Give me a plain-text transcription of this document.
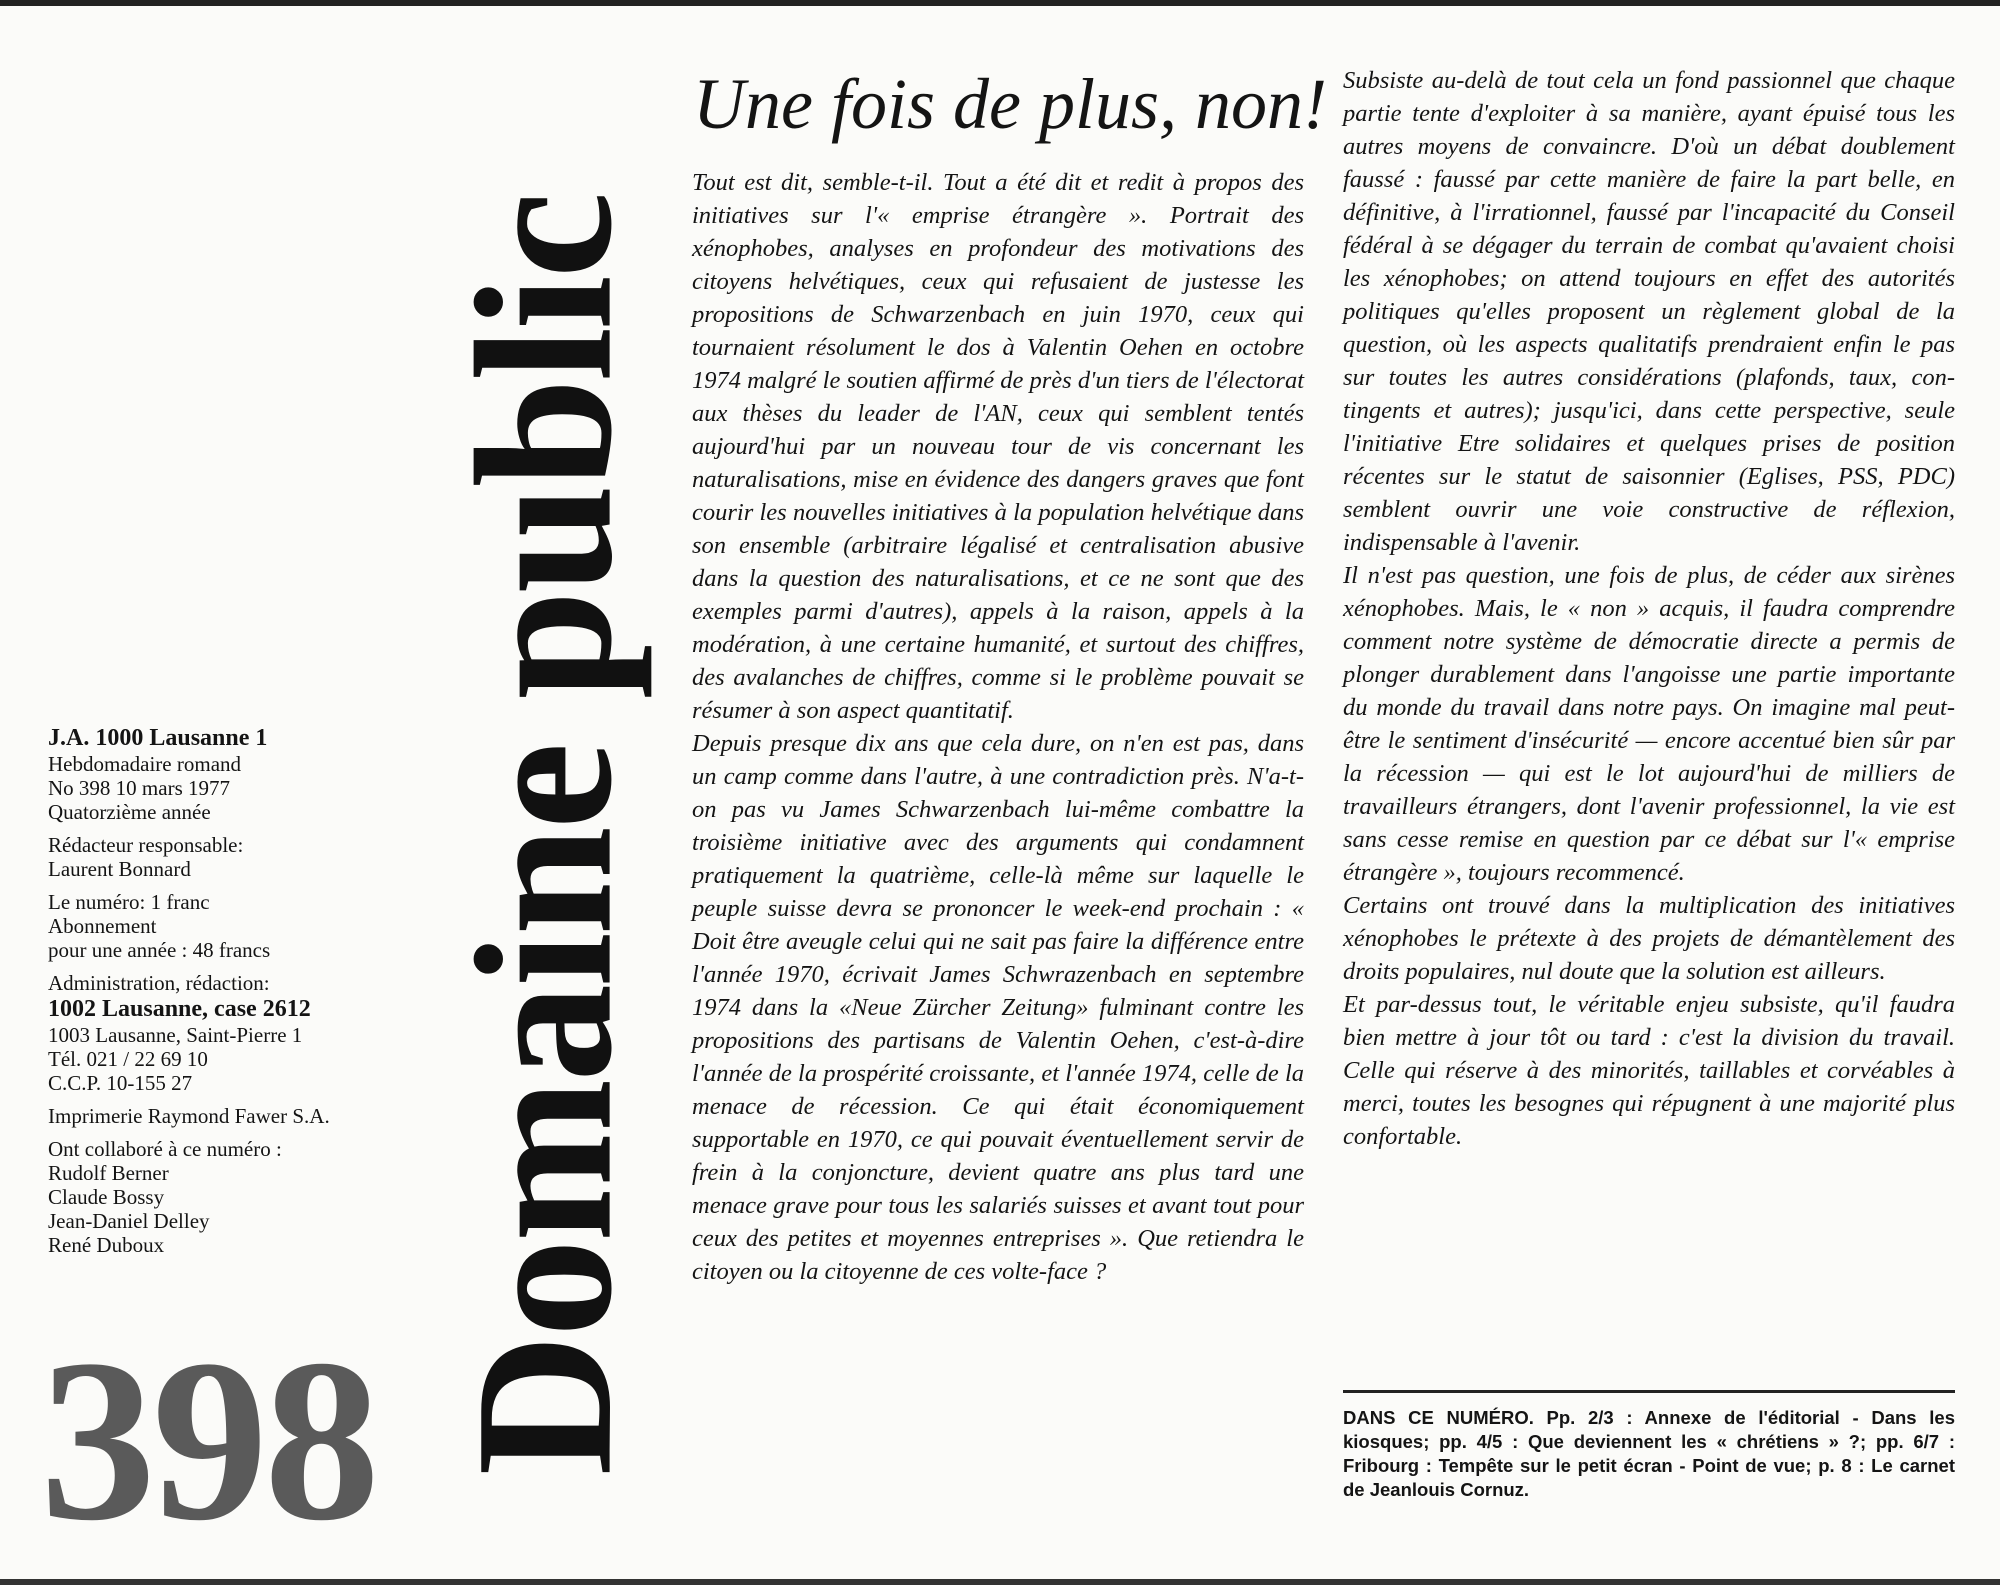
J.A. 1000 Lausanne 1
Hebdomadaire romand
No 398 10 mars 1977
Quatorzième année
Rédacteur responsable:
Laurent Bonnard
Le numéro: 1 franc
Abonnement
pour une année : 48 francs
Administration, rédaction:
1002 Lausanne, case 2612
1003 Lausanne, Saint-Pierre 1
Tél. 021 / 22 69 10
C.C.P. 10-155 27
Imprimerie Raymond Fawer S.A.
Ont collaboré à ce numéro :
Rudolf Berner
Claude Bossy
Jean-Daniel Delley
René Duboux
398 Domaine public
Une fois de plus, non!

Tout est dit, semble-t-il. Tout a été dit et redit à propos des initiatives sur l'« emprise étrangère ». Portrait des xénophobes, analyses en profondeur des motivations des citoyens helvétiques, ceux qui refusaient de justesse les propositions de Schwarzenbach en juin 1970, ceux qui tournaient résolument le dos à Valentin Oehen en octobre 1974 malgré le soutien affirmé de près d'un tiers de l'électorat aux thèses du leader de l'AN, ceux qui semblent tentés aujourd'hui par un nouveau tour de vis concernant les naturalisations, mise en évidence des dangers graves que font courir les nouvelles initiatives à la population helvétique dans son ensemble (arbitraire légalisé et centralisation abusive dans la question des naturalisations, et ce ne sont que des exemples parmi d'autres), appels à la raison, appels à la modération, à une certaine humanité, et surtout des chiffres, des avalanches de chiffres, comme si le problème pouvait se résumer à son aspect quantitatif.

Depuis presque dix ans que cela dure, on n'en est pas, dans un camp comme dans l'autre, à une contradiction près. N'a-t-on pas vu James Schwarzenbach lui-même combattre la troisième initiative avec des arguments qui condamnent pratiquement la quatrième, celle-là même sur laquelle le peuple suisse devra se prononcer le week-end prochain : « Doit être aveugle celui qui ne sait pas faire la différence entre l'année 1970, écrivait James Schwrazenbach en septembre 1974 dans la «Neue Zürcher Zeitung» fulminant contre les propositions des partisans de Valentin Oehen, c'est-à-dire l'année de la prospérité croissante, et l'année 1974, celle de la menace de récession. Ce qui était économiquement supportable en 1970, ce qui pouvait éventuellement servir de frein à la conjoncture, devient quatre ans plus tard une menace grave pour tous les salariés suisses et avant tout pour ceux des petites et moyennes entreprises ». Que retiendra le citoyen ou la citoyenne de ces volte-face ?

Subsiste au-delà de tout cela un fond passionnel que chaque partie tente d'exploiter à sa manière, ayant épuisé tous les autres moyens de convaincre. D'où un débat doublement faussé : faussé par cette manière de faire la part belle, en définitive, à l'irrationnel, faussé par l'incapacité du Conseil fédéral à se dégager du terrain de combat qu'avaient choisi les xénophobes; on attend toujours en effet des autorités politiques qu'elles proposent un règlement global de la question, où les aspects qualitatifs prendraient enfin le pas sur toutes les autres considérations (plafonds, taux, contingents et autres); jusqu'ici, dans cette perspective, seule l'initiative Etre solidaires et quelques prises de position récentes sur le statut de saisonnier (Eglises, PSS, PDC) semblent ouvrir une voie constructive de réflexion, indispensable à l'avenir.

Il n'est pas question, une fois de plus, de céder aux sirènes xénophobes. Mais, le « non » acquis, il faudra comprendre comment notre système de démocratie directe a permis de plonger durablement dans l'angoisse une partie importante du monde du travail dans notre pays. On imagine mal peut-être le sentiment d'insécurité — encore accentué bien sûr par la récession — qui est le lot aujourd'hui de milliers de travailleurs étrangers, dont l'avenir professionnel, la vie est sans cesse remise en question par ce débat sur l'« emprise étrangère », toujours recommencé.

Certains ont trouvé dans la multiplication des initiatives xénophobes le prétexte à des projets de démantèlement des droits populaires, nul doute que la solution est ailleurs.

Et par-dessus tout, le véritable enjeu subsiste, qu'il faudra bien mettre à jour tôt ou tard : c'est la division du travail. Celle qui réserve à des minorités, taillables et corvéables à merci, toutes les besognes qui répugnent à une majorité plus confortable.

DANS CE NUMÉRO. Pp. 2/3 : Annexe de l'éditorial - Dans les kiosques; pp. 4/5 : Que deviennent les « chrétiens » ?; pp. 6/7 : Fribourg : Tempête sur le petit écran - Point de vue; p. 8 : Le carnet de Jeanlouis Cornuz.
